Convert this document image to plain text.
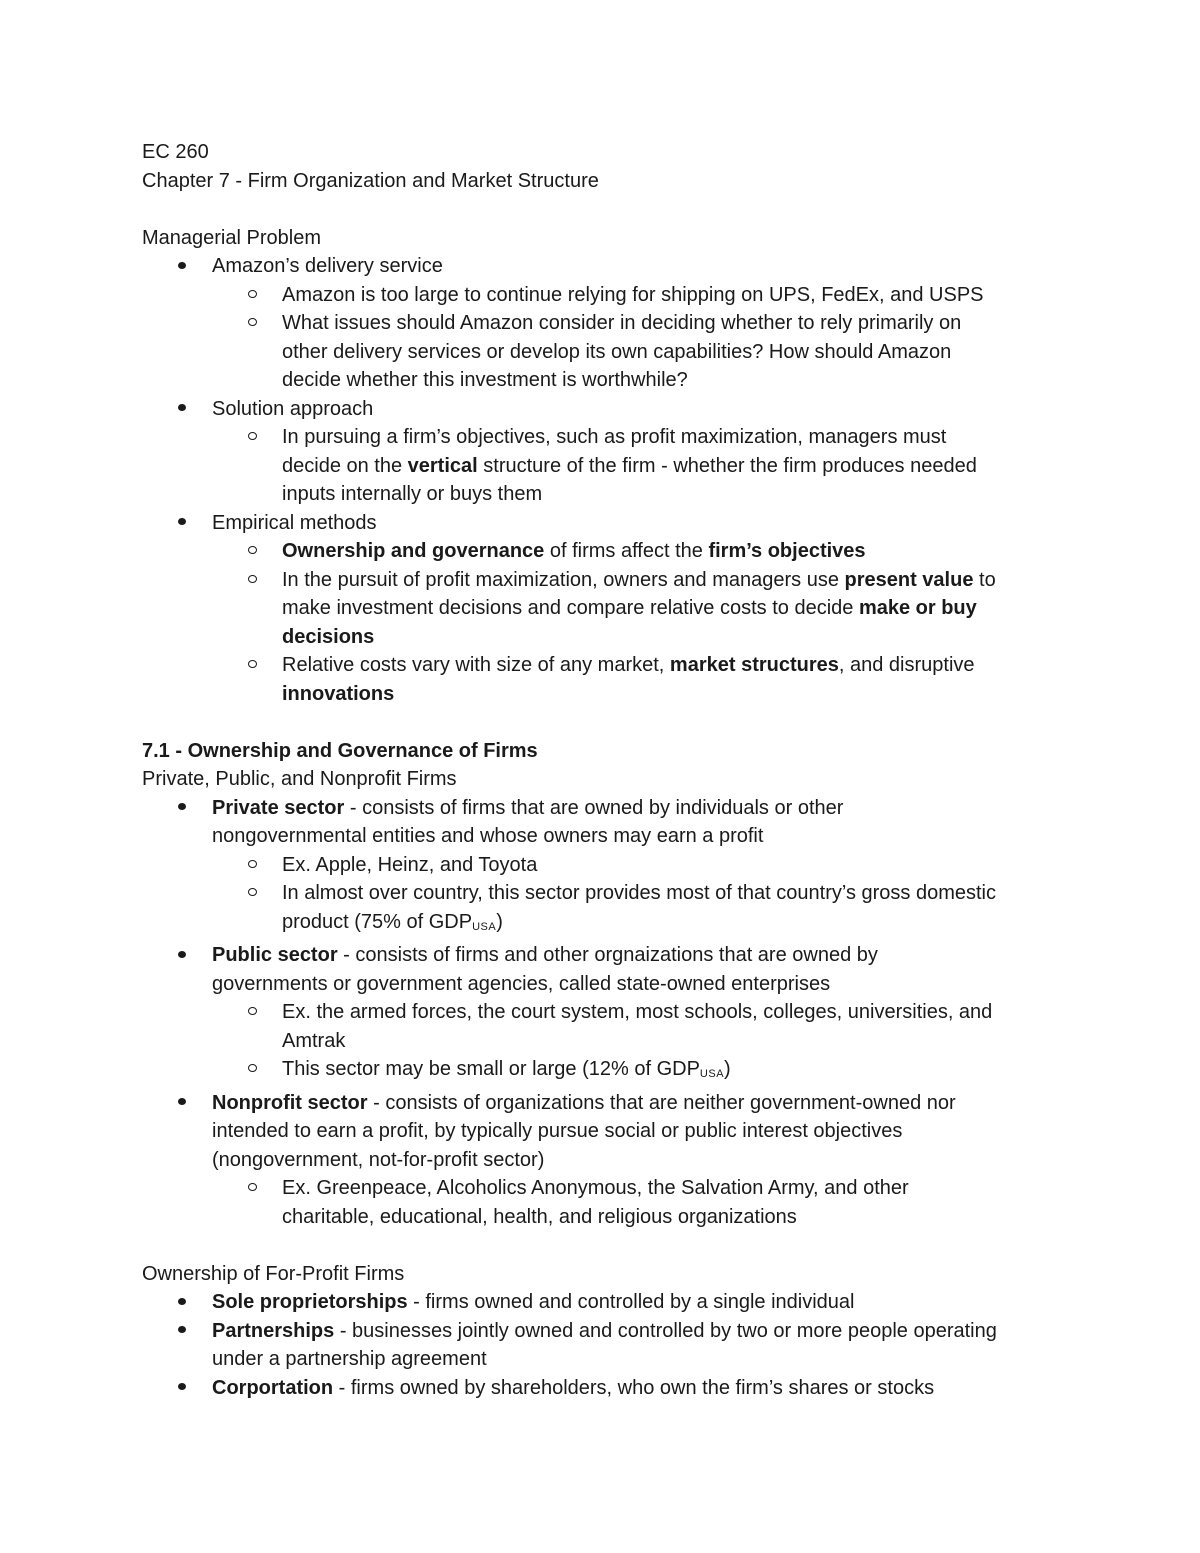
EC 260

Chapter 7 - Firm Organization and Market Structure

Managerial Problem

Amazon’s delivery service
Amazon is too large to continue relying for shipping on UPS, FedEx, and USPS
What issues should Amazon consider in deciding whether to rely primarily on
other delivery services or develop its own capabilities? How should Amazon
decide whether this investment is worthwhile?
Solution approach
In pursuing a firm’s objectives, such as profit maximization, managers must
decide on the vertical structure of the firm - whether the firm produces needed
inputs internally or buys them
Empirical methods
Ownership and governance of firms affect the firm’s objectives
In the pursuit of profit maximization, owners and managers use present value to
make investment decisions and compare relative costs to decide make or buy
decisions
Relative costs vary with size of any market, market structures, and disruptive
innovations

7.1 - Ownership and Governance of Firms

Private, Public, and Nonprofit Firms

Private sector - consists of firms that are owned by individuals or other
nongovernmental entities and whose owners may earn a profit
Ex. Apple, Heinz, and Toyota
In almost over country, this sector provides most of that country’s gross domestic
product (75% of $GDP_{USA}$)
Public sector - consists of firms and other orgnaizations that are owned by
governments or government agencies, called state-owned enterprises
Ex. the armed forces, the court system, most schools, colleges, universities, and
Amtrak
This sector may be small or large (12% of $GDP_{USA}$)
Nonprofit sector - consists of organizations that are neither government-owned nor
intended to earn a profit, by typically pursue social or public interest objectives
(nongovernment, not-for-profit sector)
Ex. Greenpeace, Alcoholics Anonymous, the Salvation Army, and other
charitable, educational, health, and religious organizations

Ownership of For-Profit Firms

Sole proprietorships - firms owned and controlled by a single individual
Partnerships - businesses jointly owned and controlled by two or more people operating
under a partnership agreement
Corportation - firms owned by shareholders, who own the firm’s shares or stocks
